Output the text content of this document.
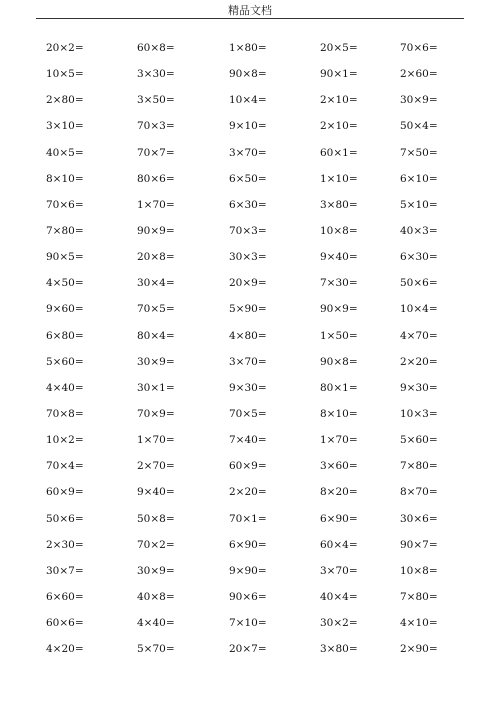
精品文档
20×2=	60×8=	1×80=	20×5=	70×6=
10×5=	3×30=	90×8=	90×1=	2×60=
2×80=	3×50=	10×4=	2×10=	30×9=
3×10=	70×3=	9×10=	2×10=	50×4=
40×5=	70×7=	3×70=	60×1=	7×50=
8×10=	80×6=	6×50=	1×10=	6×10=
70×6=	1×70=	6×30=	3×80=	5×10=
7×80=	90×9=	70×3=	10×8=	40×3=
90×5=	20×8=	30×3=	9×40=	6×30=
4×50=	30×4=	20×9=	7×30=	50×6=
9×60=	70×5=	5×90=	90×9=	10×4=
6×80=	80×4=	4×80=	1×50=	4×70=
5×60=	30×9=	3×70=	90×8=	2×20=
4×40=	30×1=	9×30=	80×1=	9×30=
70×8=	70×9=	70×5=	8×10=	10×3=
10×2=	1×70=	7×40=	1×70=	5×60=
70×4=	2×70=	60×9=	3×60=	7×80=
60×9=	9×40=	2×20=	8×20=	8×70=
50×6=	50×8=	70×1=	6×90=	30×6=
2×30=	70×2=	6×90=	60×4=	90×7=
30×7=	30×9=	9×90=	3×70=	10×8=
6×60=	40×8=	90×6=	40×4=	7×80=
60×6=	4×40=	7×10=	30×2=	4×10=
4×20=	5×70=	20×7=	3×80=	2×90=
